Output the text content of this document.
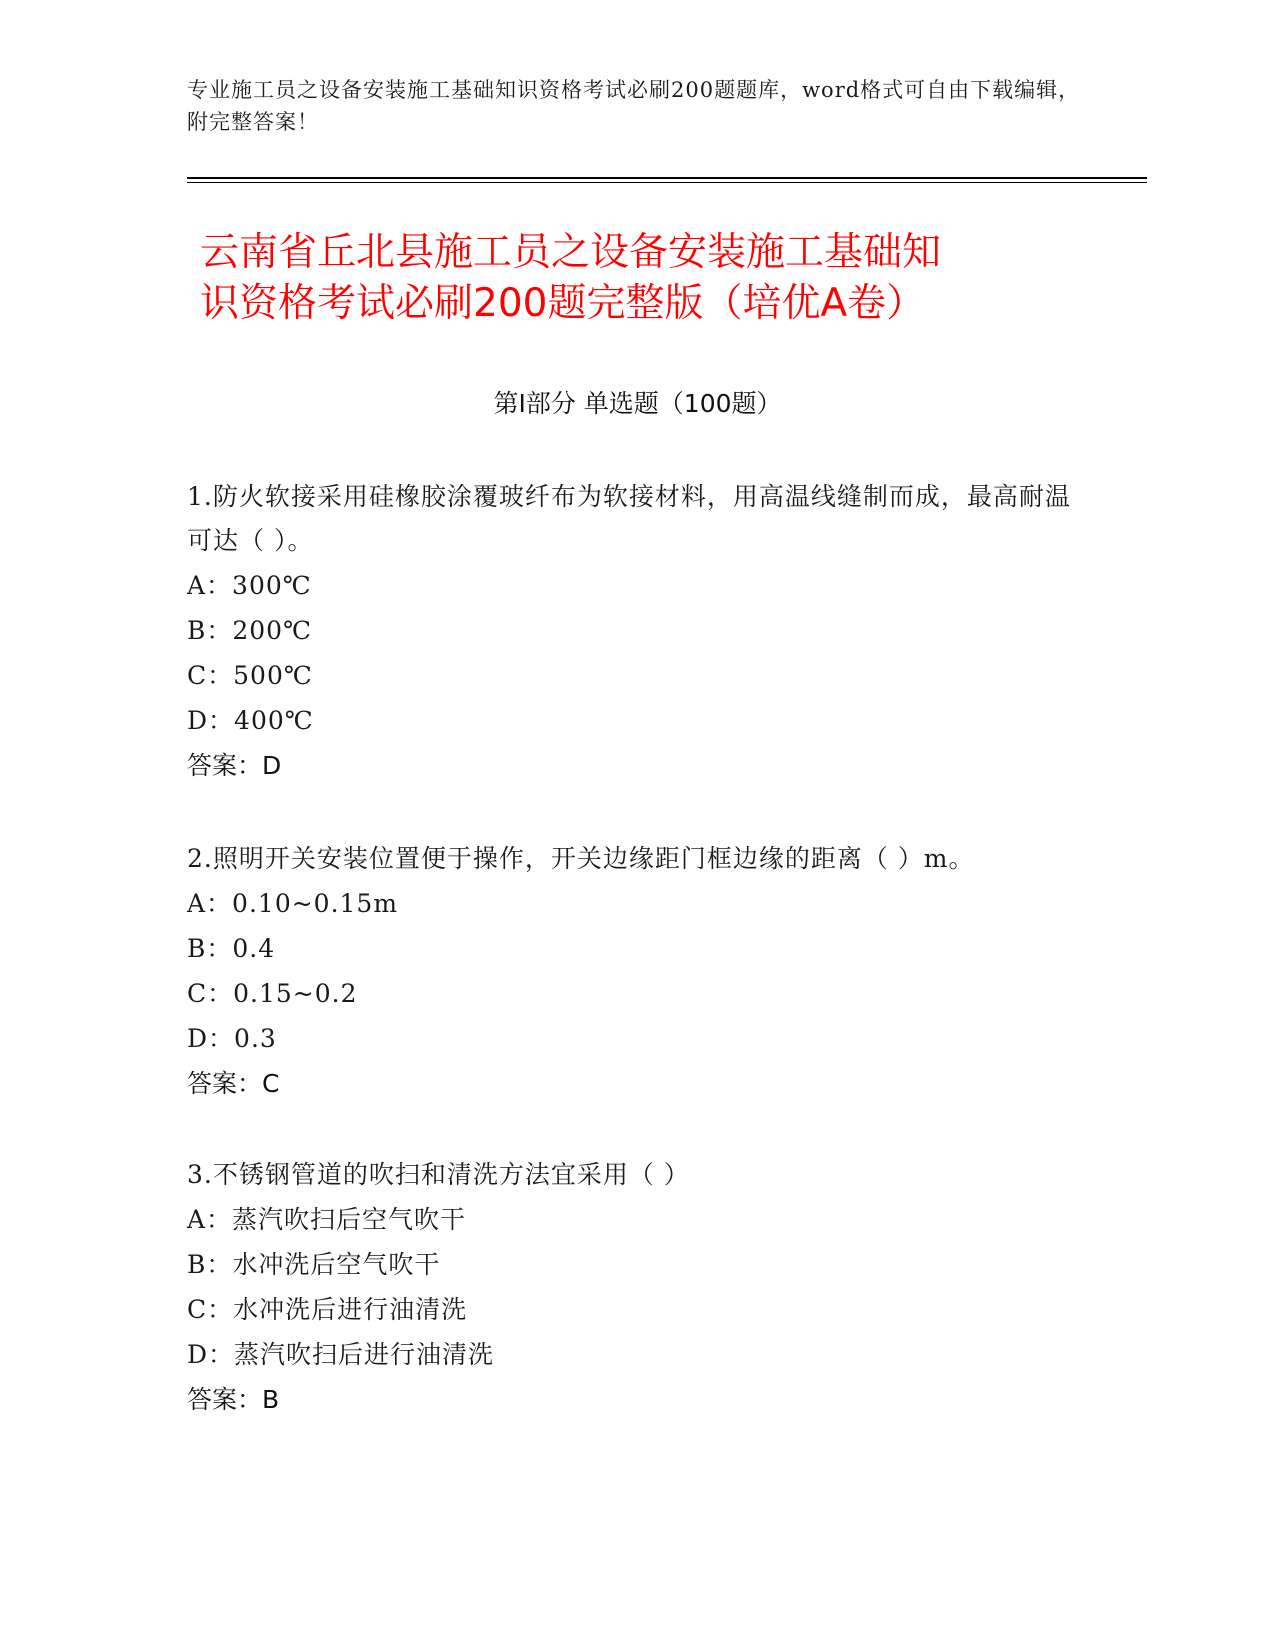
专业施工员之设备安装施工基础知识资格考试必刷200题题库，word格式可自由下载编辑，附完整答案！
云南省丘北县施工员之设备安装施工基础知
识资格考试必刷200题完整版（培优A卷）
第Ⅰ部分 单选题（100题）
1.防火软接采用硅橡胶涂覆玻纤布为软接材料，用高温线缝制而成，最高耐温可达（ ）。
A：300℃
B：200℃
C：500℃
D：400℃
答案：D
2.照明开关安装位置便于操作，开关边缘距门框边缘的距离（ ）m。
A：0.10~0.15m
B：0.4
C：0.15~0.2
D：0.3
答案：C
3.不锈钢管道的吹扫和清洗方法宜采用（ ）
A：蒸汽吹扫后空气吹干
B：水冲洗后空气吹干
C：水冲洗后进行油清洗
D：蒸汽吹扫后进行油清洗
答案：B
